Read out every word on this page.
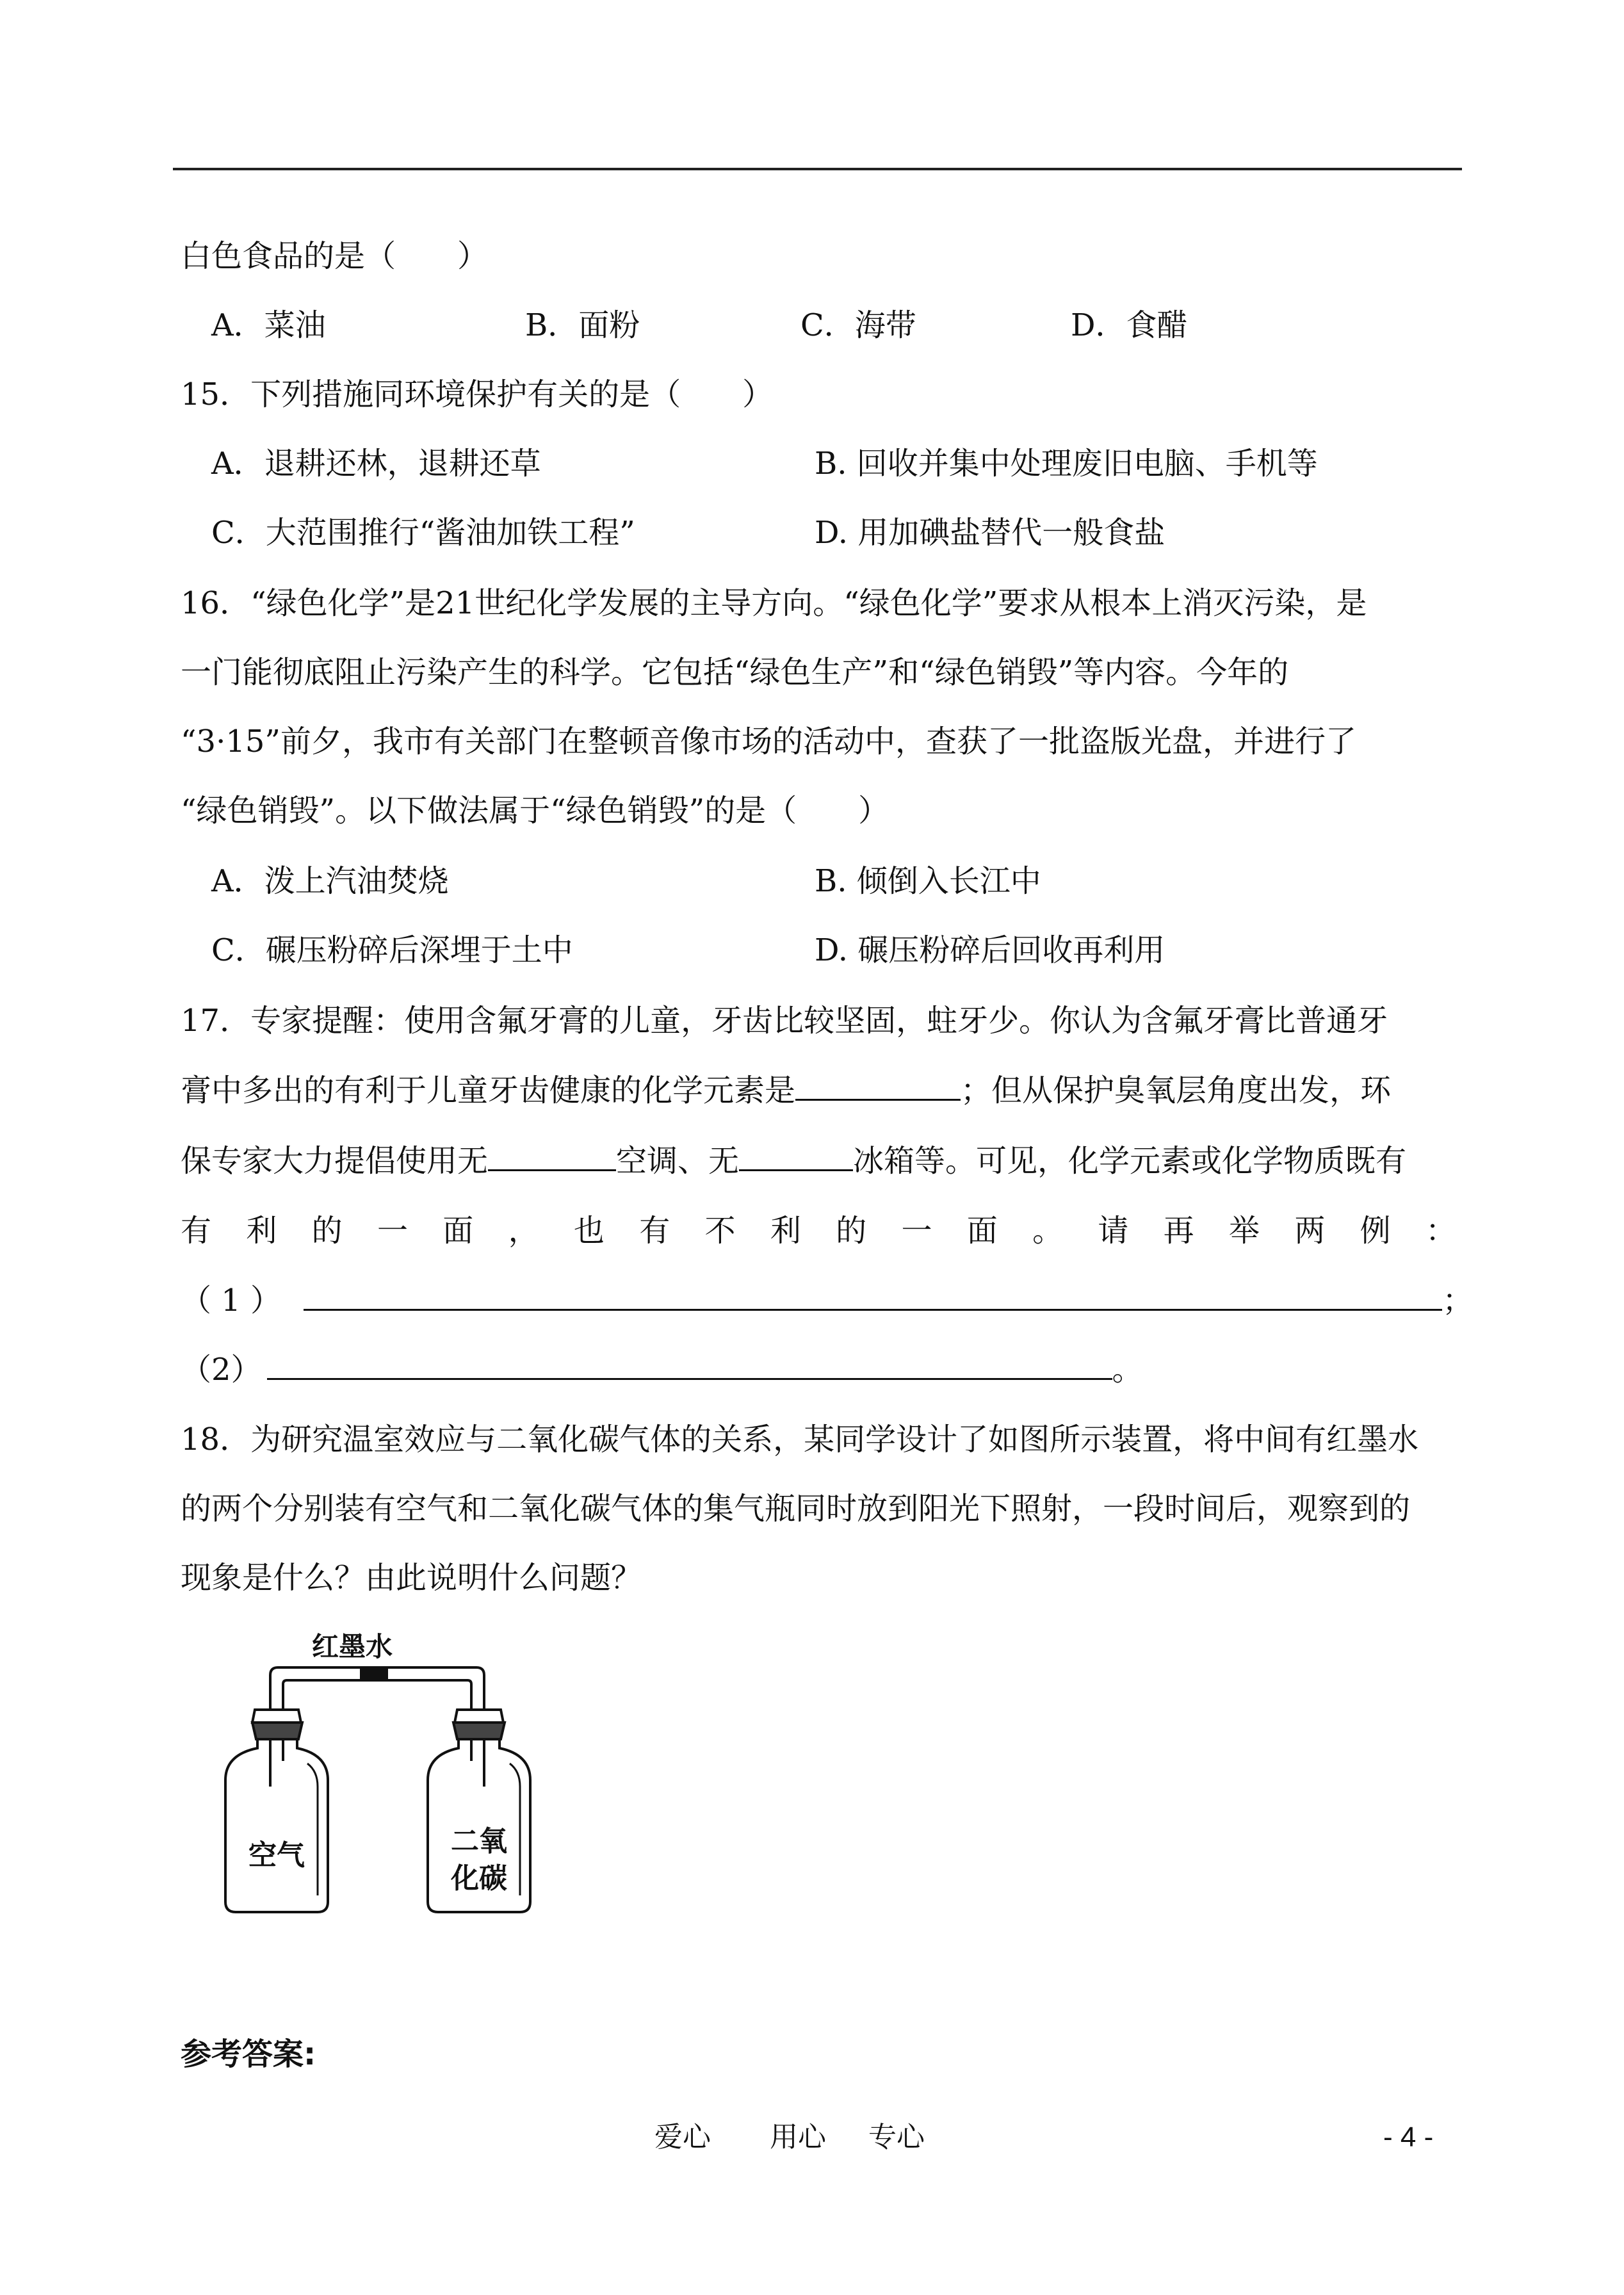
白色食品的是（　　）
A．菜油	B．面粉	C．海带	D．食醋
15．下列措施同环境保护有关的是（　　）
A．退耕还林，退耕还草	B. 回收并集中处理废旧电脑、手机等
C．大范围推行“酱油加铁工程”	D. 用加碘盐替代一般食盐
16．“绿色化学”是21世纪化学发展的主导方向。“绿色化学”要求从根本上消灭污染，是
一门能彻底阻止污染产生的科学。它包括“绿色生产”和“绿色销毁”等内容。今年的
“3·15”前夕，我市有关部门在整顿音像市场的活动中，查获了一批盗版光盘，并进行了
“绿色销毁”。以下做法属于“绿色销毁”的是（　　）
A．泼上汽油焚烧	B. 倾倒入长江中
C．碾压粉碎后深埋于土中	D. 碾压粉碎后回收再利用
17．专家提醒：使用含氟牙膏的儿童，牙齿比较坚固，蛀牙少。你认为含氟牙膏比普通牙
膏中多出的有利于儿童牙齿健康的化学元素是	；但从保护臭氧层角度出发，环
保专家大力提倡使用无	空调、无	冰箱等。可见，化学元素或化学物质既有
有 利 的 一 面 ， 也 有 不 利 的 一 面 。 请 再 举 两 例 ：
（ 1 ）	；
（2）	。
18．为研究温室效应与二氧化碳气体的关系，某同学设计了如图所示装置，将中间有红墨水
的两个分别装有空气和二氧化碳气体的集气瓶同时放到阳光下照射，一段时间后，观察到的
现象是什么？由此说明什么问题？
红墨水
空气	二氧
化碳
参考答案:
爱心 用心 专心	- 4 -
